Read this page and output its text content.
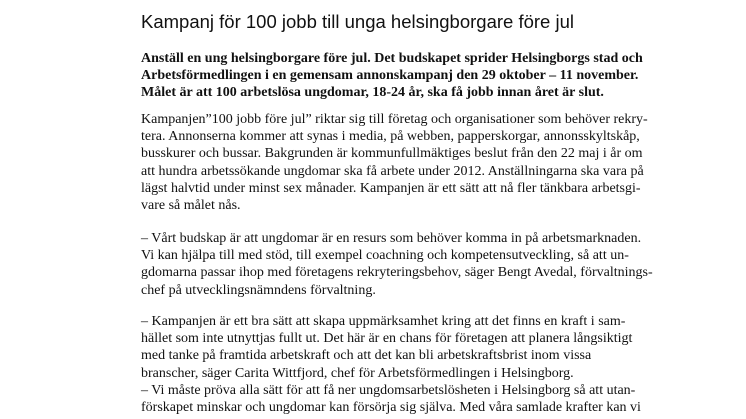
Kampanj för 100 jobb till unga helsingborgare före jul

Anställ en ung helsingborgare före jul. Det budskapet sprider Helsingborgs stad och
Arbetsförmedlingen i en gemensam annonskampanj den 29 oktober – 11 november.
Målet är att 100 arbetslösa ungdomar, 18-24 år, ska få jobb innan året är slut.

Kampanjen”100 jobb före jul” riktar sig till företag och organisationer som behöver rekry-
tera. Annonserna kommer att synas i media, på webben, papperskorgar, annonsskyltskåp,
busskurer och bussar. Bakgrunden är kommunfullmäktiges beslut från den 22 maj i år om
att hundra arbetssökande ungdomar ska få arbete under 2012. Anställningarna ska vara på
lägst halvtid under minst sex månader. Kampanjen är ett sätt att nå fler tänkbara arbetsgi-
vare så målet nås.

– Vårt budskap är att ungdomar är en resurs som behöver komma in på arbetsmarknaden.
Vi kan hjälpa till med stöd, till exempel coachning och kompetensutveckling, så att un-
gdomarna passar ihop med företagens rekryteringsbehov, säger Bengt Avedal, förvaltnings-
chef på utvecklingsnämndens förvaltning.

– Kampanjen är ett bra sätt att skapa uppmärksamhet kring att det finns en kraft i sam-
hället som inte utnyttjas fullt ut. Det här är en chans för företagen att planera långsiktigt
med tanke på framtida arbetskraft och att det kan bli arbetskraftsbrist inom vissa
branscher, säger Carita Wittfjord, chef för Arbetsförmedlingen i Helsingborg.

– Vi måste pröva alla sätt för att få ner ungdomsarbetslösheten i Helsingborg så att utan-
förskapet minskar och ungdomar kan försörja sig själva. Med våra samlade krafter kan vi
